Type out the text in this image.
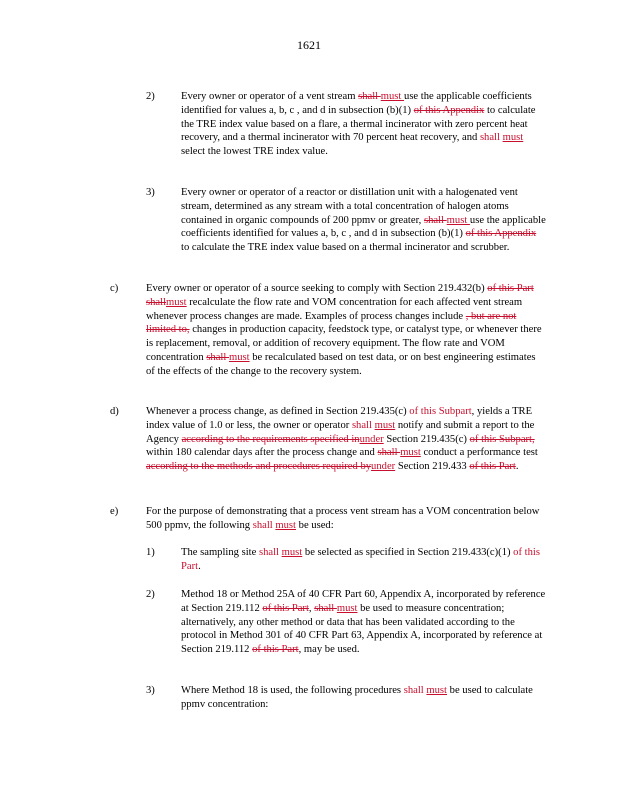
1621
2) Every owner or operator of a vent stream shall must use the applicable coefficients identified for values a, b, c , and d in subsection (b)(1) of this Appendix to calculate the TRE index value based on a flare, a thermal incinerator with zero percent heat recovery, and a thermal incinerator with 70 percent heat recovery, and shall must select the lowest TRE index value.

3) Every owner or operator of a reactor or distillation unit with a halogenated vent stream, determined as any stream with a total concentration of halogen atoms contained in organic compounds of 200 ppmv or greater, shall must use the applicable coefficients identified for values a, b, c , and d in subsection (b)(1) of this Appendix to calculate the TRE index value based on a thermal incinerator and scrubber.

c)	Every owner or operator of a source seeking to comply with Section 219.432(b) of this Part shallmust recalculate the flow rate and VOM concentration for each affected vent stream whenever process changes are made. Examples of process changes include , but are not limited to, changes in production capacity, feedstock type, or catalyst type, or whenever there is replacement, removal, or addition of recovery equipment. The flow rate and VOM concentration shall must be recalculated based on test data, or on best engineering estimates of the effects of the change to the recovery system.

d)	Whenever a process change, as defined in Section 219.435(c) of this Subpart, yields a TRE index value of 1.0 or less, the owner or operator shall must notify and submit a report to the Agency according to the requirements specified inunder Section 219.435(c) of this Subpart, within 180 calendar days after the process change and shall must conduct a performance test according to the methods and procedures required byunder Section 219.433 of this Part.

e)	For the purpose of demonstrating that a process vent stream has a VOM concentration below 500 ppmv, the following shall must be used:

1) The sampling site shall must be selected as specified in Section 219.433(c)(1) of this Part.

2) Method 18 or Method 25A of 40 CFR Part 60, Appendix A, incorporated by reference at Section 219.112 of this Part, shall must be used to measure concentration; alternatively, any other method or data that has been validated according to the protocol in Method 301 of 40 CFR Part 63, Appendix A, incorporated by reference at Section 219.112 of this Part, may be used.

3) Where Method 18 is used, the following procedures shall must be used to calculate ppmv concentration:
